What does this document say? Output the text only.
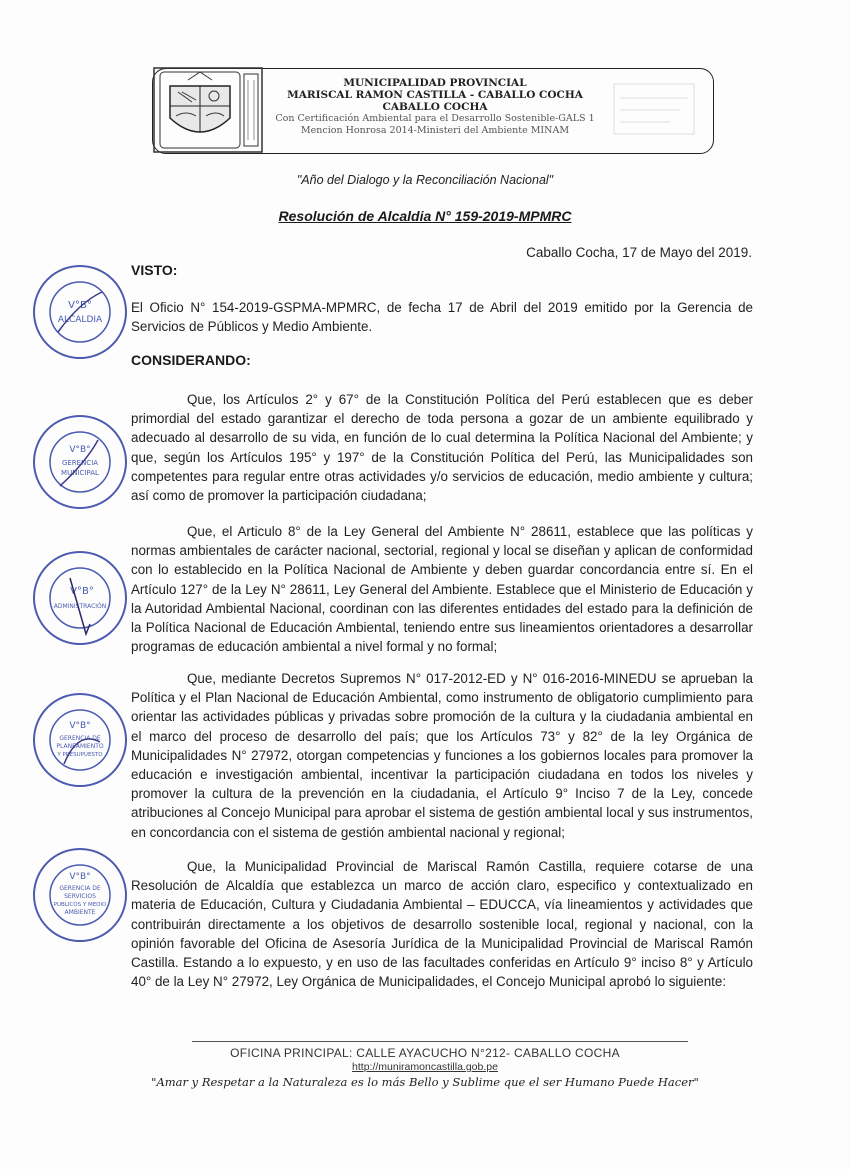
MUNICIPALIDAD PROVINCIAL
MARISCAL RAMON CASTILLA - CABALLO COCHA
CABALLO COCHA
Con Certificación Ambiental para el Desarrollo Sostenible-GALS 1
Mencion Honrosa 2014-Ministeri del Ambiente MINAM
"Año del Dialogo y la Reconciliación Nacional"
Resolución de Alcaldia N° 159-2019-MPMRC
Caballo Cocha, 17 de Mayo del 2019.
VISTO:
El Oficio N° 154-2019-GSPMA-MPMRC, de fecha 17 de Abril del 2019 emitido por la Gerencia de Servicios de Públicos y Medio Ambiente.
CONSIDERANDO:
Que, los Artículos 2° y 67° de la Constitución Política del Perú establecen que es deber primordial del estado garantizar el derecho de toda persona a gozar de un ambiente equilibrado y adecuado al desarrollo de su vida, en función de lo cual determina la Política Nacional del Ambiente; y que, según los Artículos 195° y 197° de la Constitución Política del Perú, las Municipalidades son competentes para regular entre otras actividades y/o servicios de educación, medio ambiente y cultura; así como de promover la participación ciudadana;
Que, el Articulo 8° de la Ley General del Ambiente N° 28611, establece que las políticas y normas ambientales de carácter nacional, sectorial, regional y local se diseñan y aplican de conformidad con lo establecido en la Política Nacional de Ambiente y deben guardar concordancia entre sí. En el Artículo 127° de la Ley N° 28611, Ley General del Ambiente. Establece que el Ministerio de Educación y la Autoridad Ambiental Nacional, coordinan con las diferentes entidades del estado para la definición de la Política Nacional de Educación Ambiental, teniendo entre sus lineamientos orientadores a desarrollar programas de educación ambiental a nivel formal y no formal;
Que, mediante Decretos Supremos N° 017-2012-ED y N° 016-2016-MINEDU se aprueban la Política y el Plan Nacional de Educación Ambiental, como instrumento de obligatorio cumplimiento para orientar las actividades públicas y privadas sobre promoción de la cultura y la ciudadania ambiental en el marco del proceso de desarrollo del país; que los Artículos 73° y 82° de la ley Orgánica de Municipalidades N° 27972, otorgan competencias y funciones a los gobiernos locales para promover la educación e investigación ambiental, incentivar la participación ciudadana en todos los niveles y promover la cultura de la prevención en la ciudadania, el Artículo 9° Inciso 7 de la Ley, concede atribuciones al Concejo Municipal para aprobar el sistema de gestión ambiental local y sus instrumentos, en concordancia con el sistema de gestión ambiental nacional y regional;
Que, la Municipalidad Provincial de Mariscal Ramón Castilla, requiere cotarse de una Resolución de Alcaldía que establezca un marco de acción claro, especifico y contextualizado en materia de Educación, Cultura y Ciudadania Ambiental – EDUCCA, vía lineamientos y actividades que contribuirán directamente a los objetivos de desarrollo sostenible local, regional y nacional, con la opinión favorable del Oficina de Asesoría Jurídica de la Municipalidad Provincial de Mariscal Ramón Castilla. Estando a lo expuesto, y en uso de las facultades conferidas en Artículo 9° inciso 8° y Artículo 40° de la Ley N° 27972, Ley Orgánica de Municipalidades, el Concejo Municipal aprobó lo siguiente:
V°B°
ALCALDIA
V°B°
GERENCIA
MUNICIPAL
V°B°
ADMINISTRACIÓN
V°B°
GERENCIA DE
PLANEAMIENTO
Y PRESUPUESTO
V°B°
GERENCIA DE
SERVICIOS
PUBLICOS Y MEDIO
AMBIENTE
OFICINA PRINCIPAL: CALLE AYACUCHO N°212- CABALLO COCHA
http://muniramoncastilla.gob.pe
"Amar y Respetar a la Naturaleza es lo más Bello y Sublime que el ser Humano Puede Hacer"
